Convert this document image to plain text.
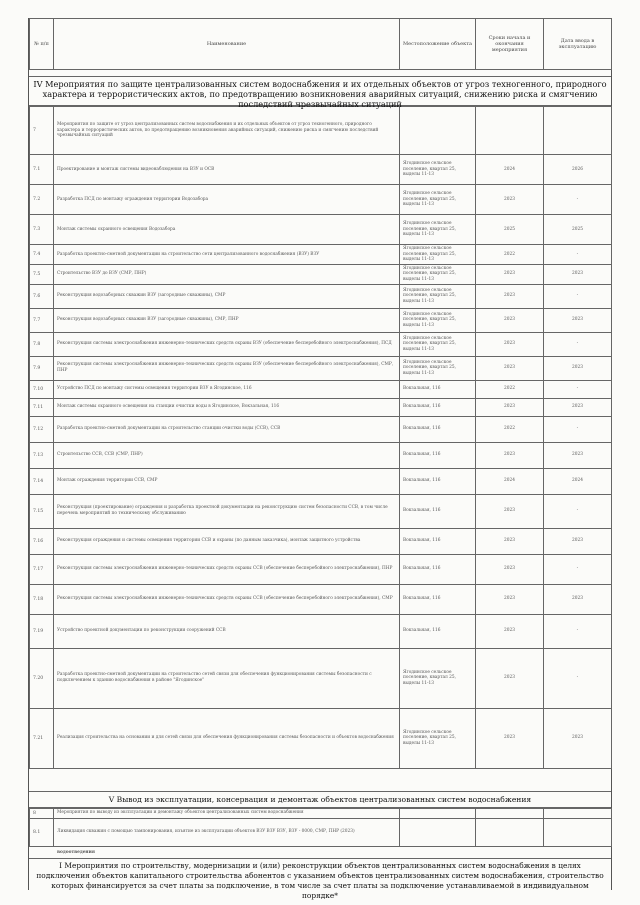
№ п/п	Наименование	Местоположение объекта	Сроки начала и окончания мероприятия	Дата ввода в эксплуатацию
IV Мероприятия по защите централизованных систем водоснабжения и их отдельных объектов от угроз техногенного, природного характера и террористических актов, по предотвращению возникновения аварийных ситуаций, снижению риска и смягчению последствий чрезвычайных ситуаций
7	Мероприятия по защите от угроз централизованных систем водоснабжения и их отдельных объектов от угроз техногенного, природного характера и террористических актов, по предотвращению возникновения аварийных ситуаций, снижению риска и смягчению последствий чрезвычайных ситуаций			
7.1	Проектирование и монтаж системы видеонаблюдения на ВЗУ и ОСВ	Ягодинское сельское поселение, квартал 25, выделы 11-13	2024	2026
7.2	Разработка ПСД по монтажу ограждения территории Водозабора	Ягодинское сельское поселение, квартал 25, выделы 11-13	2023	-
7.3	Монтаж системы охранного освещения Водозабора	Ягодинское сельское поселение, квартал 25, выделы 11-13	2025	2025
7.4	Разработка проектно-сметной документации на строительство сети централизованного водоснабжения (ВЗУ) ВЗУ	Ягодинское сельское поселение, квартал 25, выделы 11-13	2022	-
7.5	Строительство ВЗУ до ВЗУ (СМР, ПНР)	Ягодинское сельское поселение, квартал 25, выделы 11-13	2023	2023
7.6	Реконструкция водозаборных скважин ВЗУ (загородные скважины), СМР	Ягодинское сельское поселение, квартал 25, выделы 11-13	2023	-
7.7	Реконструкция водозаборных скважин ВЗУ (загородные скважины), СМР, ПНР	Ягодинское сельское поселение, квартал 25, выделы 11-13	2023	2023
7.8	Реконструкция системы электроснабжения инженерно-технических средств охраны ВЗУ (обеспечение бесперебойного электроснабжения), ПСД	Ягодинское сельское поселение, квартал 25, выделы 11-13	2023	-
7.9	Реконструкция системы электроснабжения инженерно-технических средств охраны ВЗУ (обеспечение бесперебойного электроснабжения), СМР, ПНР	Ягодинское сельское поселение, квартал 25, выделы 11-13	2023	2023
7.10	Устройство ПСД по монтажу системы освещения территории ВЗУ в Ягодинское, 116	Вокзальная, 116	2022	-
7.11	Монтаж системы охранного освещения на станции очистки воды в Ягодинское, Вокзальная, 116	Вокзальная, 116	2023	2023
7.12	Разработка проектно-сметной документации на строительство станции очистки воды (ССВ), ССВ	Вокзальная, 116	2022	-
7.13	Строительство ССВ, ССВ (СМР, ПНР)	Вокзальная, 116	2023	2023
7.14	Монтаж ограждения территории ССВ, СМР	Вокзальная, 116	2024	2024
7.15	Реконструкция (проектирование) ограждения и разработка проектной документации на реконструкцию систем безопасности ССВ, в том числе перечень мероприятий по техническому обслуживанию	Вокзальная, 116	2023	-
7.16	Реконструкция ограждения и системы освещения территории ССВ и охраны (по данным заказчика), монтаж защитного устройства	Вокзальная, 116	2023	2023
7.17	Реконструкция системы электроснабжения инженерно-технических средств охраны ССВ (обеспечение бесперебойного электроснабжения), ПНР	Вокзальная, 116	2023	-
7.18	Реконструкция системы электроснабжения инженерно-технических средств охраны ССВ (обеспечение бесперебойного электроснабжения), СМР	Вокзальная, 116	2023	2023
7.19	Устройство проектной документации по реконструкции сооружений ССВ	Вокзальная, 116	2023	-
7.20	Разработка проектно-сметной документации на строительство сетей связи для обеспечения функционирования системы безопасности с подключением к зданию водоснабжения в районе "Ягодинское"	Ягодинское сельское поселение, квартал 25, выделы 11-13	2023	-
7.21	Реализация строительства на основании и для сетей связи для обеспечения функционирования системы безопасности и объектов водоснабжения	Ягодинское сельское поселение, квартал 25, выделы 11-13	2023	2023
V Вывод из эксплуатации, консервация и демонтаж объектов централизованных систем водоснабжения
8	Мероприятия по выводу из эксплуатации и демонтажу объектов централизованных систем водоснабжения			
8.1	Ликвидация скважин с помощью тампонирования, изъятие из эксплуатации объектов ВЗУ ВЗУ ВЗУ, ВЗУ - 0000, СМР, ПНР (2023)			
водоотведения
I Мероприятия по строительству, модернизации и (или) реконструкции объектов централизованных систем водоснабжения в целях подключения объектов капитального строительства абонентов с указанием объектов централизованных систем водоснабжения, строительство которых финансируется за счет платы за подключение, в том числе за счет платы за подключение устанавливаемой в индивидуальном порядке*
